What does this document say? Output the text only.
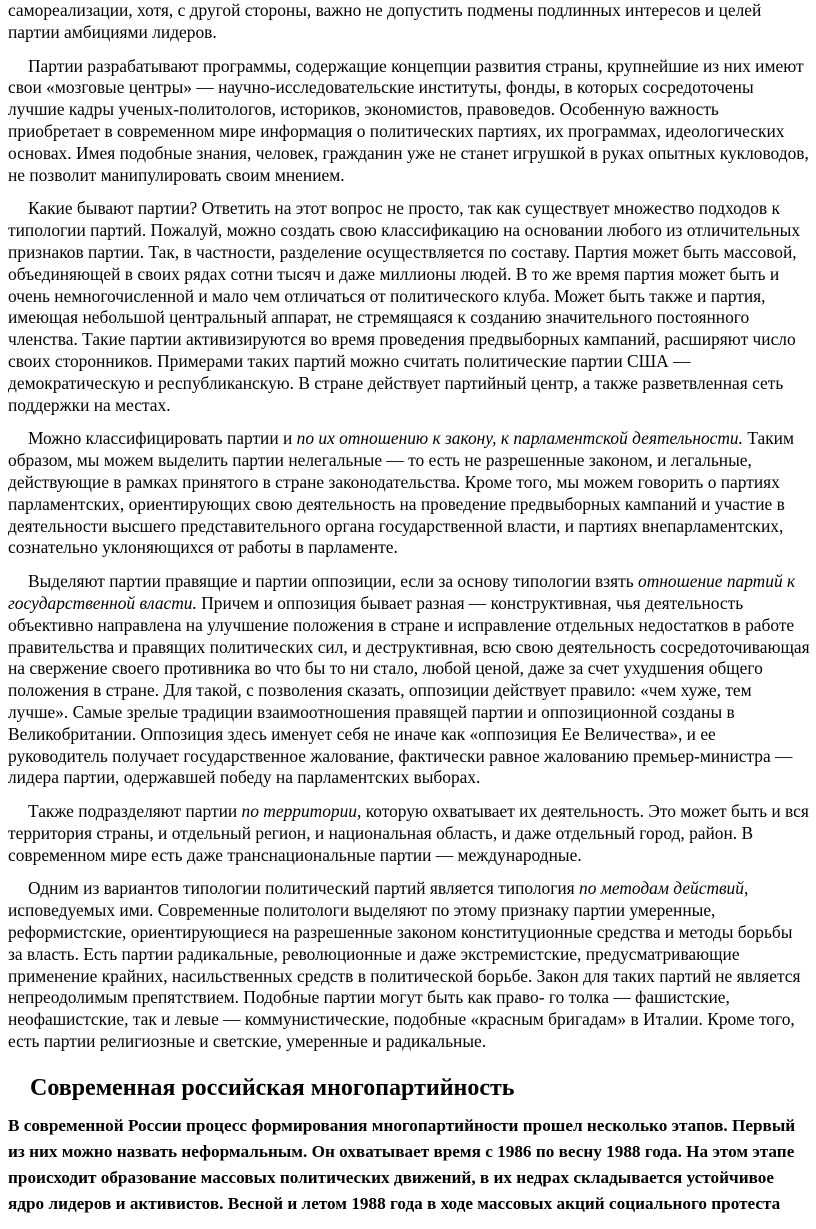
самореализации, хотя, с другой стороны, важно не допустить подмены подлинных интересов и целей партии амбициями лидеров.

Партии разрабатывают программы, содержащие концепции развития страны, крупнейшие из них имеют свои «мозговые центры» — научно-исследовательские институты, фонды, в которых сосредоточены лучшие кадры ученых-политологов, историков, экономистов, правоведов. Особенную важность приобретает в современном мире информация о политических партиях, их программах, идеологических основах. Имея подобные знания, человек, гражданин уже не станет игрушкой в руках опытных кукловодов, не позволит манипулировать своим мнением.

Какие бывают партии? Ответить на этот вопрос не просто, так как существует множество подходов к типологии партий. Пожалуй, можно создать свою классификацию на основании любого из отличительных признаков партии. Так, в частности, разделение осуществляется по составу. Партия может быть массовой, объединяющей в своих рядах сотни тысяч и даже миллионы людей. В то же время партия может быть и очень немногочисленной и мало чем отличаться от политического клуба. Может быть также и партия, имеющая небольшой центральный аппарат, не стремящаяся к созданию значительного постоянного членства. Такие партии активизируются во время проведения предвыборных кампаний, расширяют число своих сторонников. Примерами таких партий можно считать политические партии США — демократическую и республиканскую. В стране действует партийный центр, а также разветвленная сеть поддержки на местах.

Можно классифицировать партии и по их отношению к закону, к парламентской деятельности. Таким образом, мы можем выделить партии нелегальные — то есть не разрешенные законом, и легальные, действующие в рамках принятого в стране законодательства. Кроме того, мы можем говорить о партиях парламентских, ориентирующих свою деятельность на проведение предвыборных кампаний и участие в деятельности высшего представительного органа государственной власти, и партиях внепарламентских, сознательно уклоняющихся от работы в парламенте.

Выделяют партии правящие и партии оппозиции, если за основу типологии взять отношение партий к государственной власти. Причем и оппозиция бывает разная — конструктивная, чья деятельность объективно направлена на улучшение положения в стране и исправление отдельных недостатков в работе правительства и правящих политических сил, и деструктивная, всю свою деятельность сосредоточивающая на свержение своего противника во что бы то ни стало, любой ценой, даже за счет ухудшения общего положения в стране. Для такой, с позволения сказать, оппозиции действует правило: «чем хуже, тем лучше». Самые зрелые традиции взаимоотношения правящей партии и оппозиционной созданы в Великобритании. Оппозиция здесь именует себя не иначе как «оппозиция Ее Величества», и ее руководитель получает государственное жалование, фактически равное жалованию премьер-министра — лидера партии, одержавшей победу на парламентских выборах.

Также подразделяют партии по территории, которую охватывает их деятельность. Это может быть и вся территория страны, и отдельный регион, и национальная область, и даже отдельный город, район. В современном мире есть даже транснациональные партии — международные.

Одним из вариантов типологии политический партий является типология по методам действий, исповедуемых ими. Современные политологи выделяют по этому признаку партии умеренные, реформистские, ориентирующиеся на разрешенные законом конституционные средства и методы борьбы за власть. Есть партии радикальные, революционные и даже экстремистские, предусматривающие применение крайних, насильственных средств в политической борьбе. Закон для таких партий не является непреодолимым препятствием. Подобные партии могут быть как право- го толка — фашистские, неофашистские, так и левые — коммунистические, подобные «красным бригадам» в Италии. Кроме того, есть партии религиозные и светские, умеренные и радикальные.

Современная российская многопартийность

В современной России процесс формирования многопартийности прошел несколько этапов. Первый из них можно назвать неформальным. Он охватывает время с 1986 по весну 1988 года. На этом этапе происходит образование массовых политических движений, в их недрах складывается устойчивое ядро лидеров и активистов. Весной и летом 1988 года в ходе массовых акций социального протеста
